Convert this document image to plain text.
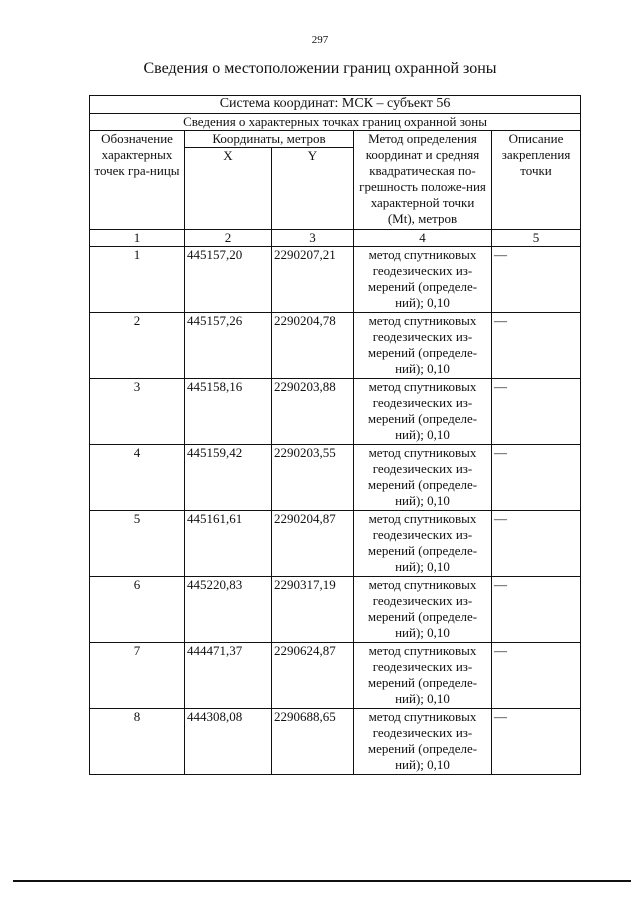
297
Сведения о местоположении границ охранной зоны
Система координат: МСК – субъект 56				
Сведения о характерных точках границ охранной зоны				
Обозначение характерных точек гра-ницы	Координаты, метров		Метод определения координат и средняя квадратическая по-грешность положе-ния характерной точки (Mt), метров	Описание закрепления точки
	X	Y		
1	2	3	4	5
1	445157,20	2290207,21	метод спутниковых геодезических из-мерений (определе-ний); 0,10	—
2	445157,26	2290204,78	метод спутниковых геодезических из-мерений (определе-ний); 0,10	—
3	445158,16	2290203,88	метод спутниковых геодезических из-мерений (определе-ний); 0,10	—
4	445159,42	2290203,55	метод спутниковых геодезических из-мерений (определе-ний); 0,10	—
5	445161,61	2290204,87	метод спутниковых геодезических из-мерений (определе-ний); 0,10	—
6	445220,83	2290317,19	метод спутниковых геодезических из-мерений (определе-ний); 0,10	—
7	444471,37	2290624,87	метод спутниковых геодезических из-мерений (определе-ний); 0,10	—
8	444308,08	2290688,65	метод спутниковых геодезических из-мерений (определе-ний); 0,10	—
